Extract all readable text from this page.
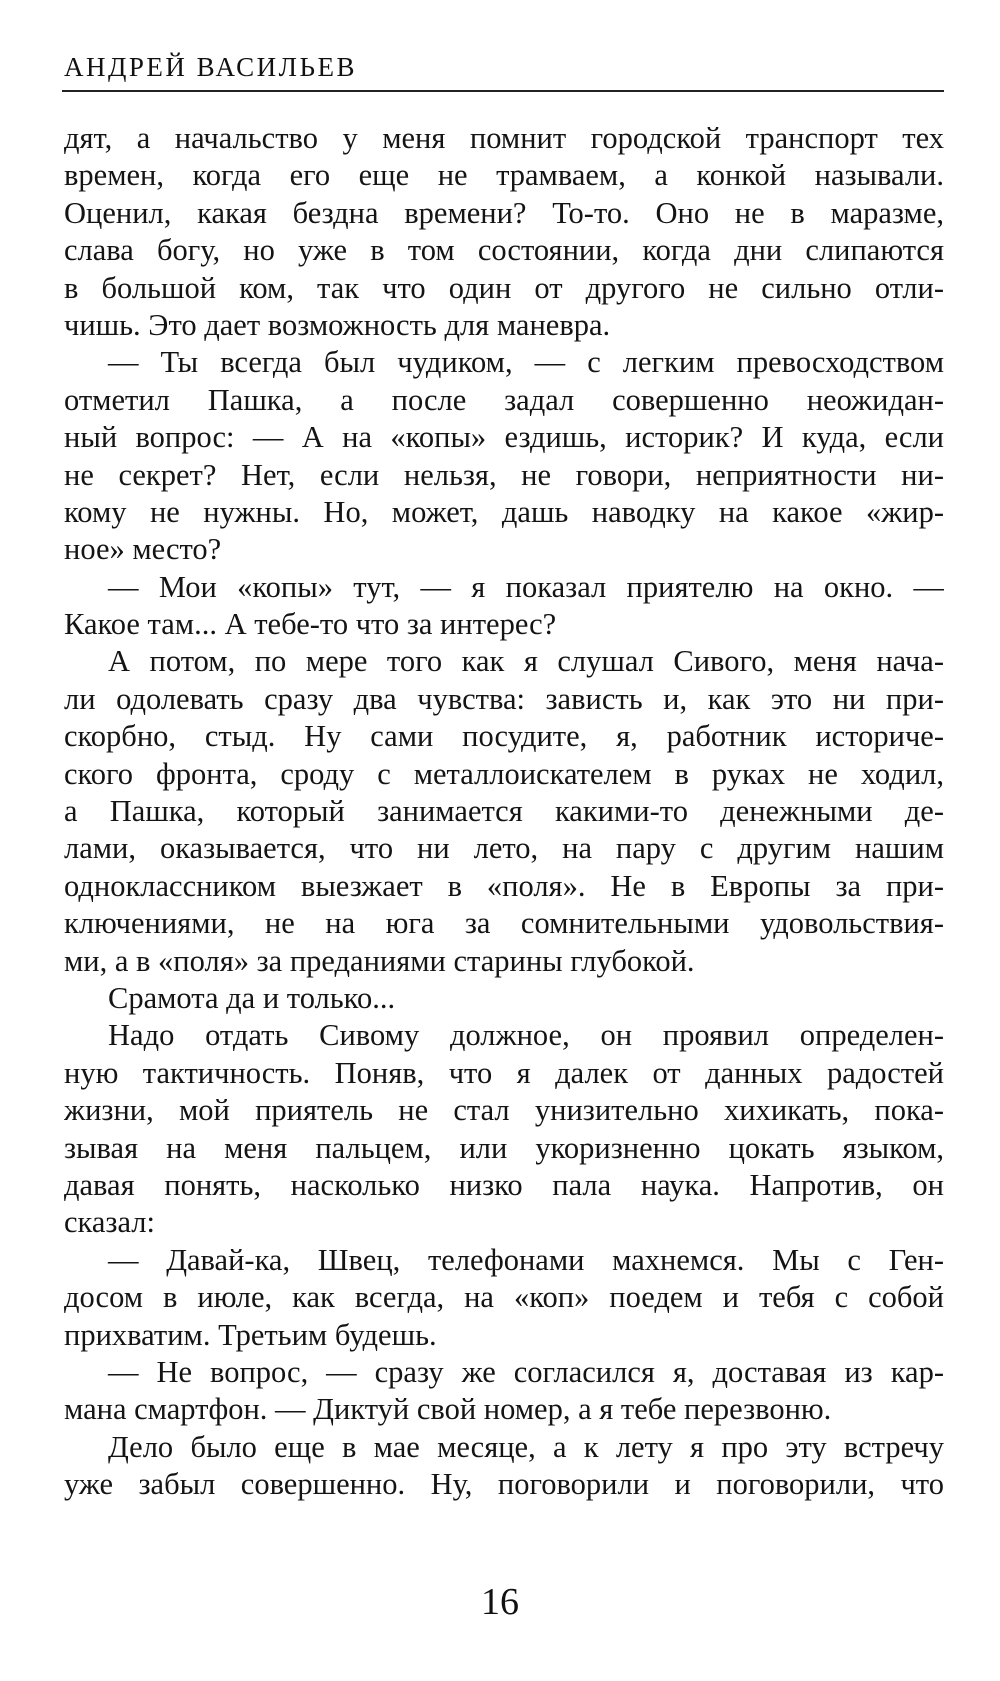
АНДРЕЙ ВАСИЛЬЕВ
дят, а начальство у меня помнит городской транспорт тех
времен, когда его еще не трамваем, а конкой называли.
Оценил, какая бездна времени? То-то. Оно не в маразме,
слава богу, но уже в том состоянии, когда дни слипаются
в большой ком, так что один от другого не сильно отли-
чишь. Это дает возможность для маневра.
— Ты всегда был чудиком, — с легким превосходством
отметил Пашка, а после задал совершенно неожидан-
ный вопрос: — А на «копы» ездишь, историк? И куда, если
не секрет? Нет, если нельзя, не говори, неприятности ни-
кому не нужны. Но, может, дашь наводку на какое «жир-
ное» место?
— Мои «копы» тут, — я показал приятелю на окно. —
Какое там... А тебе-то что за интерес?
А потом, по мере того как я слушал Сивого, меня нача-
ли одолевать сразу два чувства: зависть и, как это ни при-
скорбно, стыд. Ну сами посудите, я, работник историче-
ского фронта, сроду с металлоискателем в руках не ходил,
а Пашка, который занимается какими-то денежными де-
лами, оказывается, что ни лето, на пару с другим нашим
одноклассником выезжает в «поля». Не в Европы за при-
ключениями, не на юга за сомнительными удовольствия-
ми, а в «поля» за преданиями старины глубокой.
Срамота да и только...
Надо отдать Сивому должное, он проявил определен-
ную тактичность. Поняв, что я далек от данных радостей
жизни, мой приятель не стал унизительно хихикать, пока-
зывая на меня пальцем, или укоризненно цокать языком,
давая понять, насколько низко пала наука. Напротив, он
сказал:
— Давай-ка, Швец, телефонами махнемся. Мы с Ген-
досом в июле, как всегда, на «коп» поедем и тебя с собой
прихватим. Третьим будешь.
— Не вопрос, — сразу же согласился я, доставая из кар-
мана смартфон. — Диктуй свой номер, а я тебе перезвоню.
Дело было еще в мае месяце, а к лету я про эту встречу
уже забыл совершенно. Ну, поговорили и поговорили, что
16
